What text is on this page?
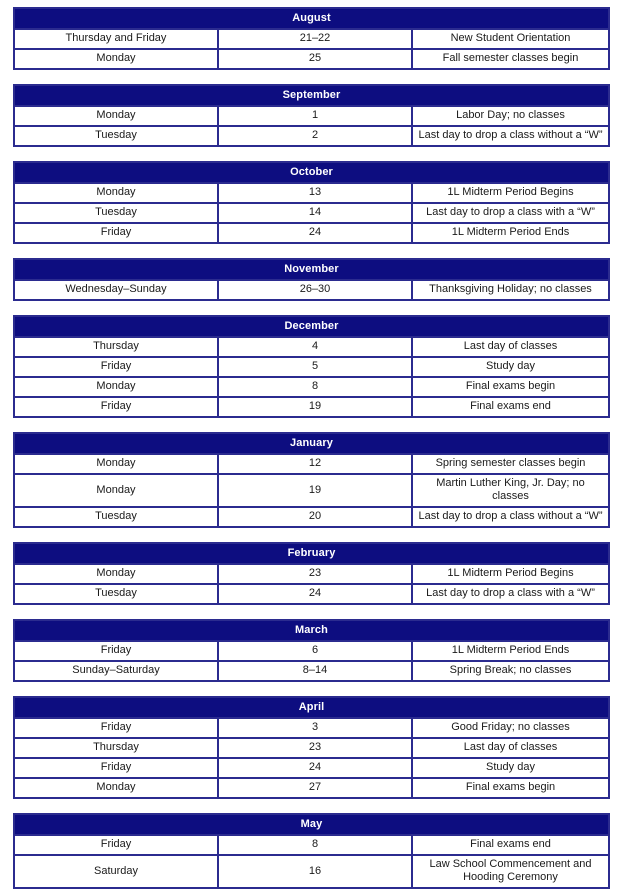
August		
Thursday and Friday	21–22	New Student Orientation
Monday	25	Fall semester classes begin
September		
Monday	1	Labor Day; no classes
Tuesday	2	Last day to drop a class without a “W”
October		
Monday	13	1L Midterm Period Begins
Tuesday	14	Last day to drop a class with a “W”
Friday	24	1L Midterm Period Ends
November
Wednesday–Sunday	26–30	Thanksgiving Holiday; no classes
December		
Thursday	4	Last day of classes
Friday	5	Study day
Monday	8	Final exams begin
Friday	19	Final exams end
January		
Monday	12	Spring semester classes begin
Monday	19	Martin Luther King, Jr. Day; no classes
Tuesday	20	Last day to drop a class without a “W”
February		
Monday	23	1L Midterm Period Begins
Tuesday	24	Last day to drop a class with a “W”
March		
Friday	6	1L Midterm Period Ends
Sunday–Saturday	8–14	Spring Break; no classes
April		
Friday	3	Good Friday; no classes
Thursday	23	Last day of classes
Friday	24	Study day
Monday	27	Final exams begin
May		
Friday	8	Final exams end
Saturday	16	Law School Commencement and Hooding Ceremony
